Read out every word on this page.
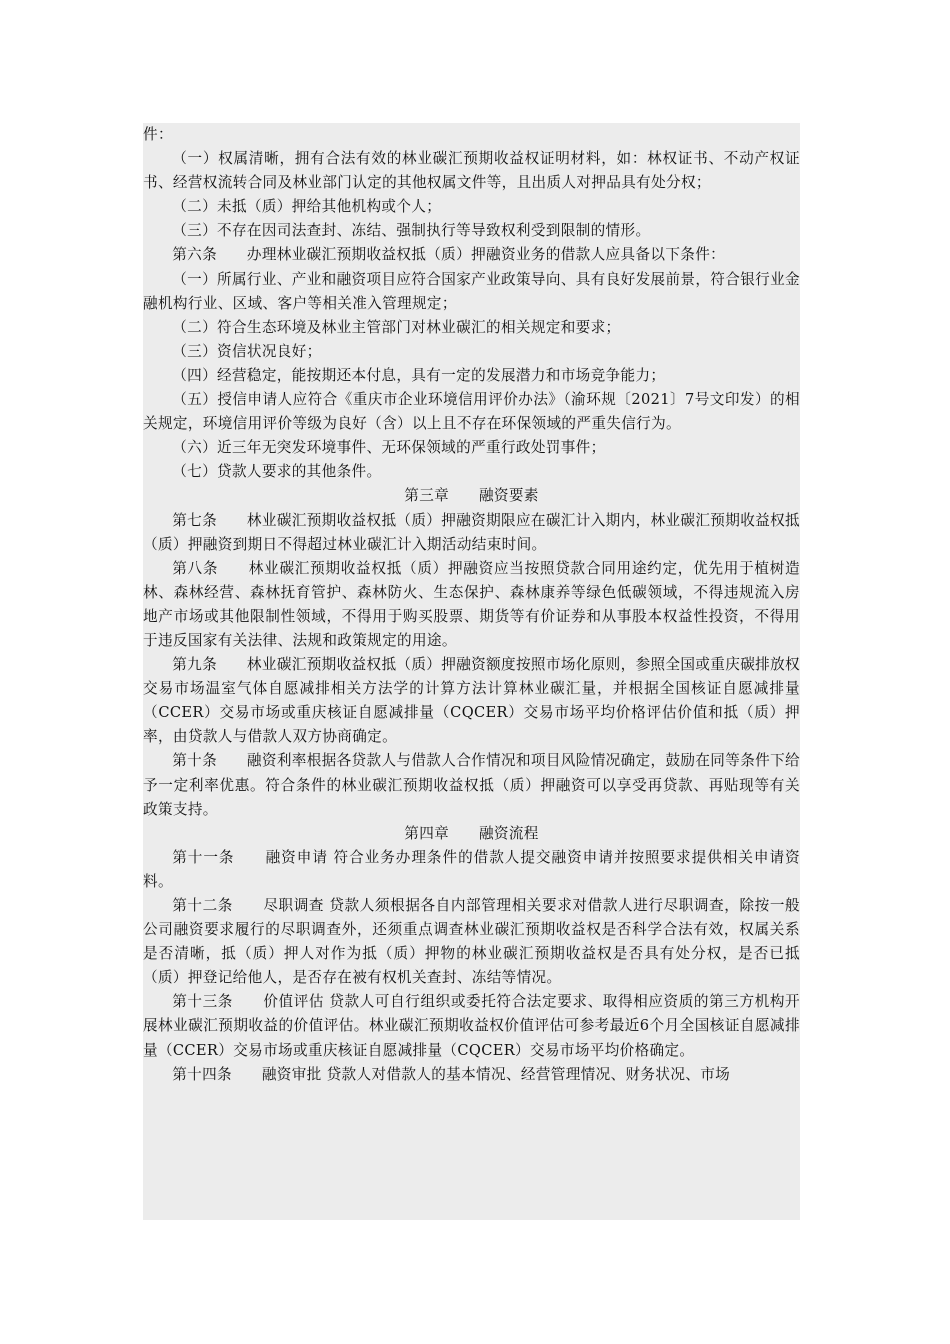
件：

（一）权属清晰，拥有合法有效的林业碳汇预期收益权证明材料，如：林权证书、不动产权证书、经营权流转合同及林业部门认定的其他权属文件等，且出质人对押品具有处分权；

（二）未抵（质）押给其他机构或个人；

（三）不存在因司法查封、冻结、强制执行等导致权利受到限制的情形。

第六条　　办理林业碳汇预期收益权抵（质）押融资业务的借款人应具备以下条件：

（一）所属行业、产业和融资项目应符合国家产业政策导向、具有良好发展前景，符合银行业金融机构行业、区域、客户等相关准入管理规定；

（二）符合生态环境及林业主管部门对林业碳汇的相关规定和要求；

（三）资信状况良好；

（四）经营稳定，能按期还本付息，具有一定的发展潜力和市场竞争能力；

（五）授信申请人应符合《重庆市企业环境信用评价办法》（渝环规〔2021〕7号文印发）的相关规定，环境信用评价等级为良好（含）以上且不存在环保领域的严重失信行为。

（六）近三年无突发环境事件、无环保领域的严重行政处罚事件；

（七）贷款人要求的其他条件。

第三章　　融资要素

第七条　　林业碳汇预期收益权抵（质）押融资期限应在碳汇计入期内，林业碳汇预期收益权抵（质）押融资到期日不得超过林业碳汇计入期活动结束时间。

第八条　　林业碳汇预期收益权抵（质）押融资应当按照贷款合同用途约定，优先用于植树造林、森林经营、森林抚育管护、森林防火、生态保护、森林康养等绿色低碳领域，不得违规流入房地产市场或其他限制性领域，不得用于购买股票、期货等有价证券和从事股本权益性投资，不得用于违反国家有关法律、法规和政策规定的用途。

第九条　　林业碳汇预期收益权抵（质）押融资额度按照市场化原则，参照全国或重庆碳排放权交易市场温室气体自愿减排相关方法学的计算方法计算林业碳汇量，并根据全国核证自愿减排量（CCER）交易市场或重庆核证自愿减排量（CQCER）交易市场平均价格评估价值和抵（质）押率，由贷款人与借款人双方协商确定。

第十条　　融资利率根据各贷款人与借款人合作情况和项目风险情况确定，鼓励在同等条件下给予一定利率优惠。符合条件的林业碳汇预期收益权抵（质）押融资可以享受再贷款、再贴现等有关政策支持。

第四章　　融资流程

第十一条　　融资申请 符合业务办理条件的借款人提交融资申请并按照要求提供相关申请资料。

第十二条　　尽职调查 贷款人须根据各自内部管理相关要求对借款人进行尽职调查，除按一般公司融资要求履行的尽职调查外，还须重点调查林业碳汇预期收益权是否科学合法有效，权属关系是否清晰，抵（质）押人对作为抵（质）押物的林业碳汇预期收益权是否具有处分权，是否已抵（质）押登记给他人，是否存在被有权机关查封、冻结等情况。

第十三条　　价值评估 贷款人可自行组织或委托符合法定要求、取得相应资质的第三方机构开展林业碳汇预期收益的价值评估。林业碳汇预期收益权价值评估可参考最近6个月全国核证自愿减排量（CCER）交易市场或重庆核证自愿减排量（CQCER）交易市场平均价格确定。

第十四条　　融资审批 贷款人对借款人的基本情况、经营管理情况、财务状况、市场
